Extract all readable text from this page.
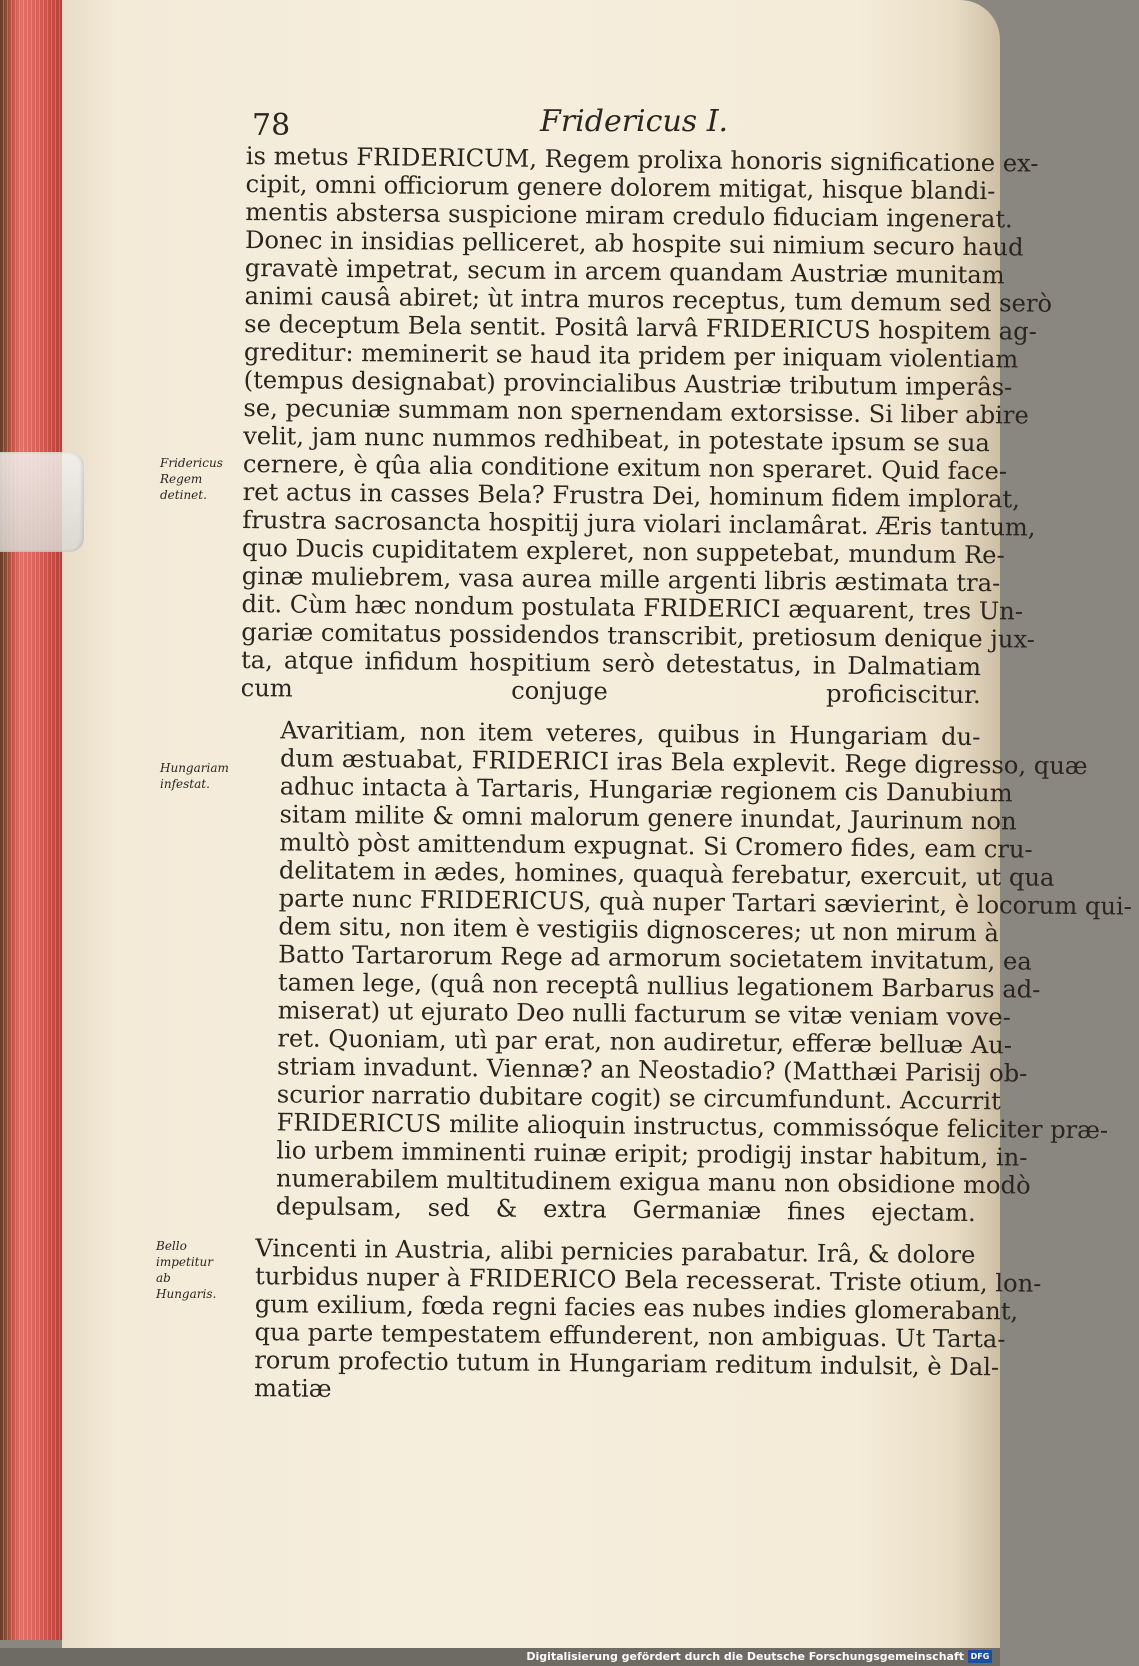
78	Fridericus I.
Fridericus Regem detinet.
Hungariam infestat.
Bello impetitur ab Hungaris.
is metus FRIDERICUM, Regem prolixa honoris significatione ex-
cipit, omni officiorum genere dolorem mitigat, hisque blandi-
mentis abstersa suspicione miram credulo fiduciam ingenerat.
Donec in insidias pelliceret, ab hospite sui nimium securo haud
gravatè impetrat, secum in arcem quandam Austriæ munitam
animi causâ abiret; ùt intra muros receptus, tum demum sed serò
se deceptum Bela sentit. Positâ larvâ FRIDERICUS hospitem ag-
greditur: meminerit se haud ita pridem per iniquam violentiam
(tempus designabat) provincialibus Austriæ tributum imperâs-
se, pecuniæ summam non spernendam extorsisse. Si liber abire
velit, jam nunc nummos redhibeat, in potestate ipsum se sua
cernere, è qûa alia conditione exitum non speraret. Quid face-
ret actus in casses Bela? Frustra Dei, hominum fidem implorat,
frustra sacrosancta hospitij jura violari inclamârat. Æris tantum,
quo Ducis cupiditatem expleret, non suppetebat, mundum Re-
ginæ muliebrem, vasa aurea mille argenti libris æstimata tra-
dit. Cùm hæc nondum postulata FRIDERICI æquarent, tres Un-
gariæ comitatus possidendos transcribit, pretiosum denique jux-
ta, atque infidum hospitium serò detestatus, in Dalmatiam
cum conjuge proficiscitur.
Avaritiam, non item veteres, quibus in Hungariam du-
dum æstuabat, FRIDERICI iras Bela explevit. Rege digresso, quæ
adhuc intacta à Tartaris, Hungariæ regionem cis Danubium
sitam milite & omni malorum genere inundat, Jaurinum non
multò pòst amittendum expugnat. Si Cromero fides, eam cru-
delitatem in ædes, homines, quaquà ferebatur, exercuit, ut qua
parte nunc FRIDERICUS, quà nuper Tartari sævierint, è locorum qui-
dem situ, non item è vestigiis dignosceres; ut non mirum à
Batto Tartarorum Rege ad armorum societatem invitatum, ea
tamen lege, (quâ non receptâ nullius legationem Barbarus ad-
miserat) ut ejurato Deo nulli facturum se vitæ veniam vove-
ret. Quoniam, utì par erat, non audiretur, efferæ belluæ Au-
striam invadunt. Viennæ? an Neostadio? (Matthæi Parisij ob-
scurior narratio dubitare cogit) se circumfundunt. Accurrit
FRIDERICUS milite alioquin instructus, commissóque feliciter præ-
lio urbem imminenti ruinæ eripit; prodigij instar habitum, in-
numerabilem multitudinem exigua manu non obsidione modò
depulsam, sed & extra Germaniæ fines ejectam.
Vincenti in Austria, alibi pernicies parabatur. Irâ, & dolore
turbidus nuper à FRIDERICO Bela recesserat. Triste otium, lon-
gum exilium, fœda regni facies eas nubes indies glomerabant,
qua parte tempestatem effunderent, non ambiguas. Ut Tarta-
rorum profectio tutum in Hungariam reditum indulsit, è Dal-
matiæ
Digitalisierung gefördert durch die Deutsche Forschungsgemeinschaft DFG
